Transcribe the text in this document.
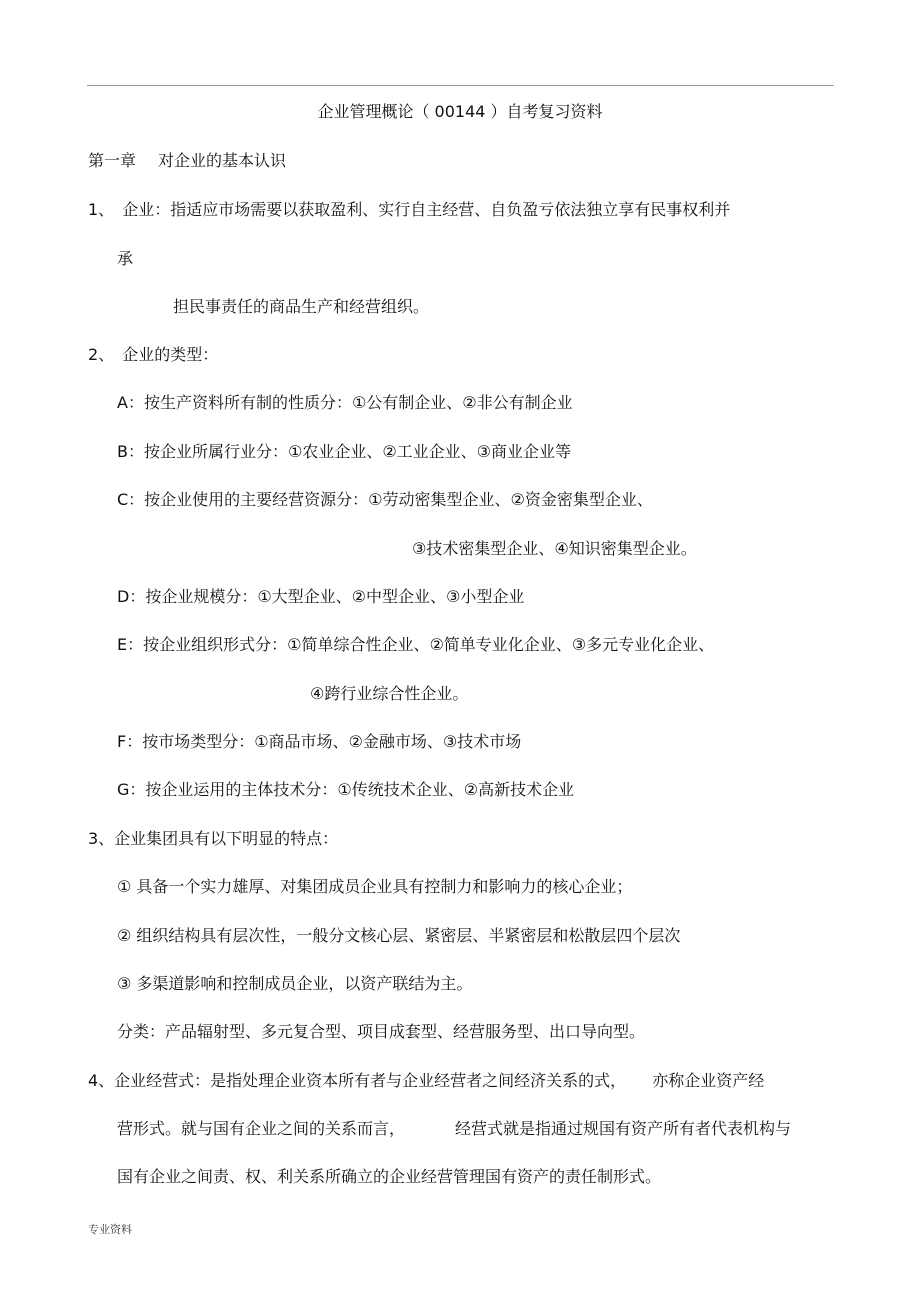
企业管理概论（ 00144 ）自考复习资料
第一章 对企业的基本认识
1、 企业：指适应市场需要以获取盈利、实行自主经营、自负盈亏依法独立享有民事权利并
承
担民事责任的商品生产和经营组织。
2、 企业的类型：
A：按生产资料所有制的性质分：①公有制企业、②非公有制企业
B：按企业所属行业分：①农业企业、②工业企业、③商业企业等
C：按企业使用的主要经营资源分：①劳动密集型企业、②资金密集型企业、
③技术密集型企业、④知识密集型企业。
D：按企业规模分：①大型企业、②中型企业、③小型企业
E：按企业组织形式分：①简单综合性企业、②简单专业化企业、③多元专业化企业、
④跨行业综合性企业。
F：按市场类型分：①商品市场、②金融市场、③技术市场
G：按企业运用的主体技术分：①传统技术企业、②高新技术企业
3、企业集团具有以下明显的特点：
① 具备一个实力雄厚、对集团成员企业具有控制力和影响力的核心企业；
② 组织结构具有层次性，一般分文核心层、紧密层、半紧密层和松散层四个层次
③ 多渠道影响和控制成员企业，以资产联结为主。
分类：产品辐射型、多元复合型、项目成套型、经营服务型、出口导向型。
4、企业经营式：是指处理企业资本所有者与企业经营者之间经济关系的式， 亦称企业资产经
营形式。就与国有企业之间的关系而言，	经营式就是指通过规国有资产所有者代表机构与
国有企业之间责、权、利关系所确立的企业经营管理国有资产的责任制形式。
专业资料
